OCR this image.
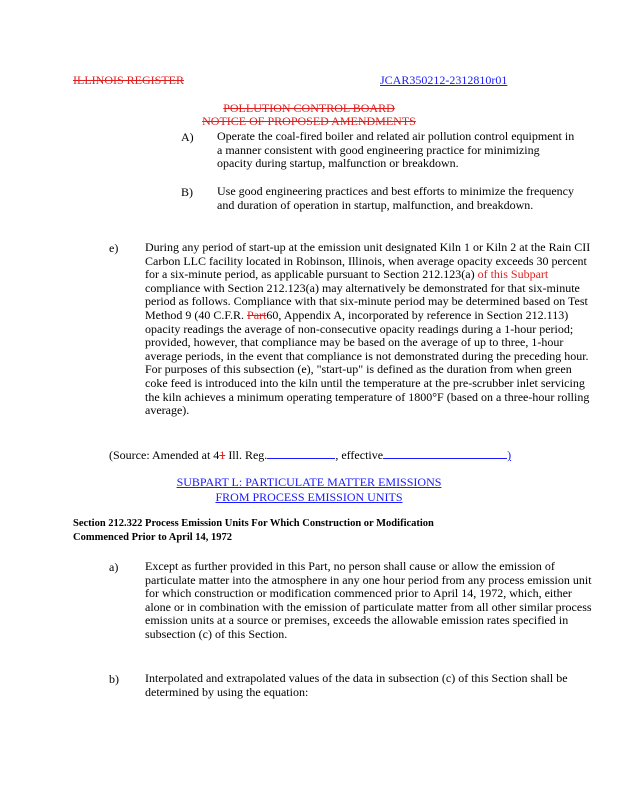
ILLINOIS REGISTER	JCAR350212-2312810r01
POLLUTION CONTROL BOARD
NOTICE OF PROPOSED AMENDMENTS
A) Operate the coal-fired boiler and related air pollution control equipment in a manner consistent with good engineering practice for minimizing opacity during startup, malfunction or breakdown.
B) Use good engineering practices and best efforts to minimize the frequency and duration of operation in startup, malfunction, and breakdown.
e) During any period of start-up at the emission unit designated Kiln 1 or Kiln 2 at the Rain CII Carbon LLC facility located in Robinson, Illinois, when average opacity exceeds 30 percent for a six-minute period, as applicable pursuant to Section 212.123(a) of this Subpart compliance with Section 212.123(a) may alternatively be demonstrated for that six-minute period as follows. Compliance with that six-minute period may be determined based on Test Method 9 (40 C.F.R. Part60, Appendix A, incorporated by reference in Section 212.113) opacity readings the average of non-consecutive opacity readings during a 1-hour period; provided, however, that compliance may be based on the average of up to three, 1-hour average periods, in the event that compliance is not demonstrated during the preceding hour. For purposes of this subsection (e), "start-up" is defined as the duration from when green coke feed is introduced into the kiln until the temperature at the pre-scrubber inlet servicing the kiln achieves a minimum operating temperature of 1800°F (based on a three-hour rolling average).
(Source: Amended at 41 Ill. Reg.	, effective	)
SUBPART L: PARTICULATE MATTER EMISSIONS
FROM PROCESS EMISSION UNITS
Section 212.322 Process Emission Units For Which Construction or Modification
Commenced Prior to April 14, 1972
a) Except as further provided in this Part, no person shall cause or allow the emission of particulate matter into the atmosphere in any one hour period from any process emission unit for which construction or modification commenced prior to April 14, 1972, which, either alone or in combination with the emission of particulate matter from all other similar process emission units at a source or premises, exceeds the allowable emission rates specified in subsection (c) of this Section.
b) Interpolated and extrapolated values of the data in subsection (c) of this Section shall be determined by using the equation:
